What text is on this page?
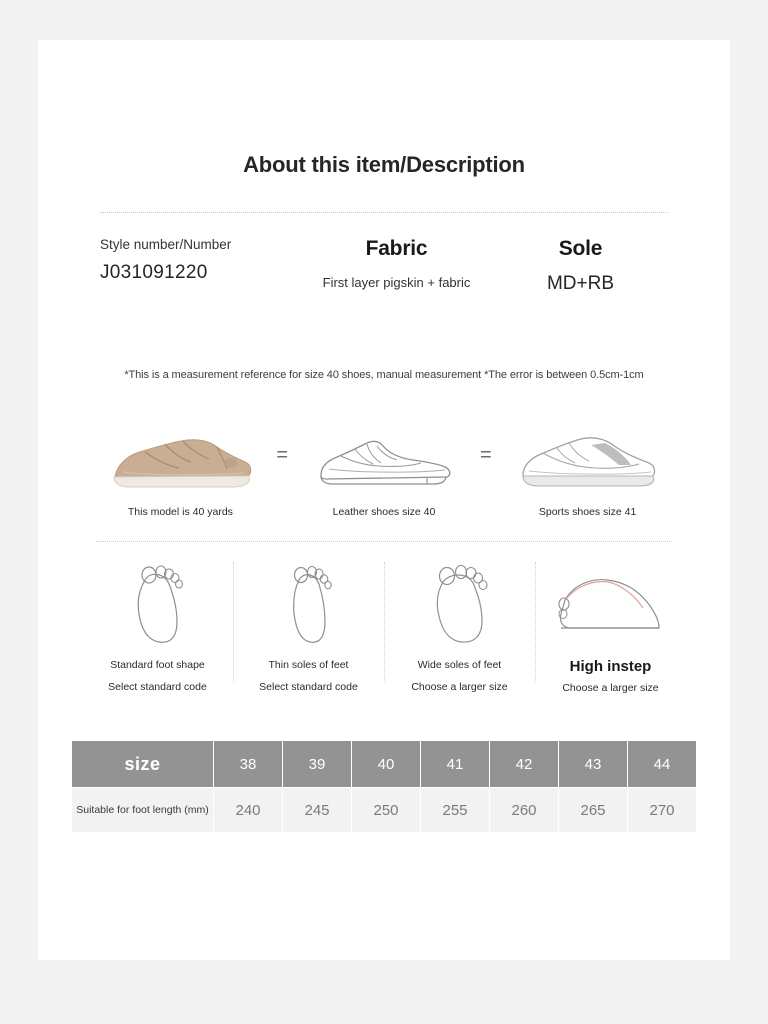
About this item/Description
Style number/Number
J031091220
Fabric
First layer pigskin + fabric
Sole
MD+RB
*This is a measurement reference for size 40 shoes, manual measurement *The error is between 0.5cm-1cm
This model is 40 yards
=
Leather shoes size 40
=
Sports shoes size 41
Standard foot shape
Select standard code
Thin soles of feet
Select standard code
Wide soles of feet
Choose a larger size
High instep
Choose a larger size
size	38	39	40	41	42	43	44
Suitable for foot length (mm)	240	245	250	255	260	265	270
